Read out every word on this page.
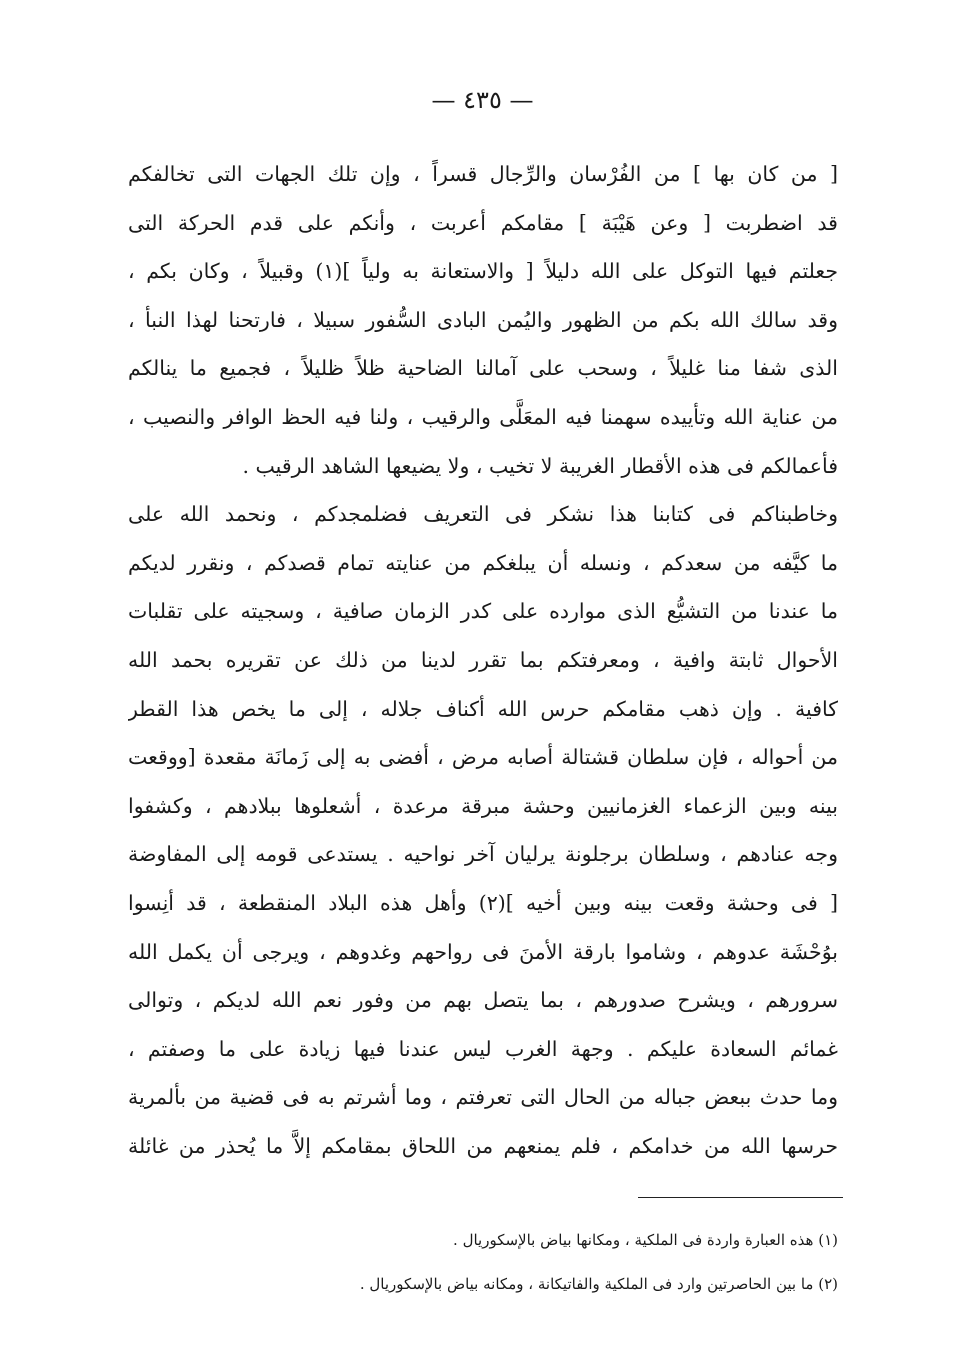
— ٤٣٥ —
[ من كان بها ] من الفُرْسان والرِّجال قسراً ، وإن تلك الجهات التى تخالفكم
قد اضطربت [ وعن هَيْبَة ] مقامكم أعربت ، وأنكم على قدم الحركة التى
جعلتم فيها التوكل على الله دليلاً [ والاستعانة به ولياً ](١) وقبيلاً ، وكان بكم ،
وقد سالك الله بكم من الظهور واليُمن البادى السُّفور سبيلا ، فارتحنا لهذا النبأ ،
الذى شفا منا غليلاً ، وسحب على آمالنا الضاحية ظلاً ظليلاً ، فجميع ما ينالكم
من عناية الله وتأييده سهمنا فيه المعَلَّى والرقيب ، ولنا فيه الحظ الوافر والنصيب ،
فأعمالكم فى هذه الأقطار الغريبة لا تخيب ، ولا يضيعها الشاهد الرقيب .
وخاطبناكم فى كتابنا هذا نشكر فى التعريف فضلمجدكم ، ونحمد الله على
ما كيَّفه من سعدكم ، ونسله أن يبلغكم من عنايته تمام قصدكم ، ونقرر لديكم
ما عندنا من التشيُّع الذى موارده على كدر الزمان صافية ، وسجيته على تقلبات
الأحوال ثابتة وافية ، ومعرفتكم بما تقرر لدينا من ذلك عن تقريره بحمد الله
كافية . وإن ذهب مقامكم حرس الله أكناف جلاله ، إلى ما يخص هذا القطر
من أحواله ، فإن سلطان قشتالة أصابه مرض ، أفضى به إلى زَمانَة مقعدة [ووقعت
بينه وبين الزعماء الغزمانيين وحشة مبرقة مرعدة ، أشعلوها ببلادهم ، وكشفوا
وجه عنادهم ، وسلطان برجلونة يرليان آخر نواحيه . يستدعى قومه إلى المفاوضة
[ فى وحشة وقعت بينه وبين أخيه ](٢) وأهل هذه البلاد المنقطعة ، قد أنِسوا
بوُحْشَة عدوهم ، وشاموا بارقة الأمنَ فى رواحهم وغدوهم ، ويرجى أن يكمل الله
سرورهم ، ويشرح صدورهم ، بما يتصل بهم من وفور نعم الله لديكم ، وتوالى
غمائم السعادة عليكم . وجهة الغرب ليس عندنا فيها زيادة على ما وصفتم ،
وما حدث ببعض جباله من الحال التى تعرفتم ، وما أشرتم به فى قضية من بألمرية
حرسها الله من خدامكم ، فلم يمنعهم من اللحاق بمقامكم إلاَّ ما يُحذر من غائلة
(١) هذه العبارة واردة فى الملكية ، ومكانها بياض بالإسكوريال .
(٢) ما بين الحاصرتين وارد فى الملكية والفاتيكانة ، ومكانه بياض بالإسكوريال .
